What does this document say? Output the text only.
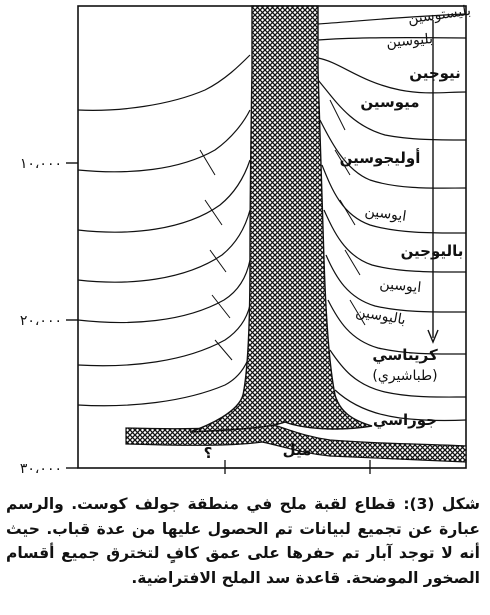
١٠،٠٠٠
٢٠،٠٠٠
٣٠،٠٠٠
بليستوسين
بليوسين
نيوجين
ميوسين
أوليجوسين
ايوسين
باليوجين
ايوسين
باليوسين
كريتاسي
(طباشيري)
جوراسي
ميل
؟

شكل (3): قطاع لقبة ملح في منطقة جولف كوست. والرسم عبارة عن تجميع لبيانات تم الحصول عليها من عدة قباب. حيث أنه لا توجد آبار تم حفرها على عمق كافٍ لتخترق جميع أقسام الصخور الموضحة. قاعدة سد الملح الافتراضية.
